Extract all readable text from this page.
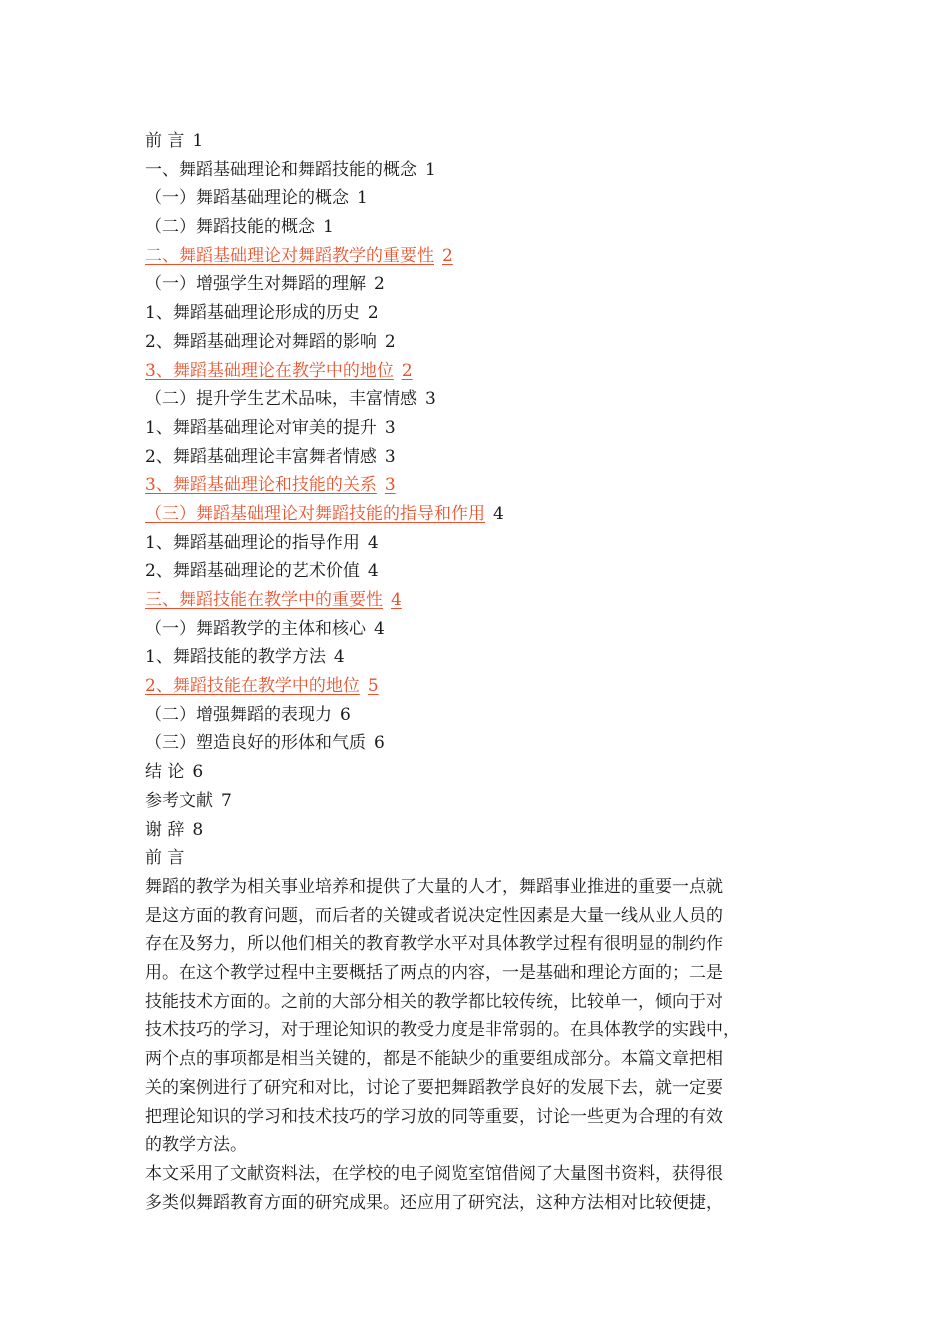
前 言 1
一、舞蹈基础理论和舞蹈技能的概念 1
（一）舞蹈基础理论的概念 1
（二）舞蹈技能的概念 1
二、舞蹈基础理论对舞蹈教学的重要性 2
（一）增强学生对舞蹈的理解 2
1、舞蹈基础理论形成的历史 2
2、舞蹈基础理论对舞蹈的影响 2
3、舞蹈基础理论在教学中的地位 2
（二）提升学生艺术品味，丰富情感 3
1、舞蹈基础理论对审美的提升 3
2、舞蹈基础理论丰富舞者情感 3
3、舞蹈基础理论和技能的关系 3
（三）舞蹈基础理论对舞蹈技能的指导和作用 4
1、舞蹈基础理论的指导作用 4
2、舞蹈基础理论的艺术价值 4
三、舞蹈技能在教学中的重要性 4
（一）舞蹈教学的主体和核心 4
1、舞蹈技能的教学方法 4
2、舞蹈技能在教学中的地位 5
（二）增强舞蹈的表现力 6
（三）塑造良好的形体和气质 6
结 论 6
参考文献 7
谢 辞 8
前 言

舞蹈的教学为相关事业培养和提供了大量的人才，舞蹈事业推进的重要一点就
是这方面的教育问题，而后者的关键或者说决定性因素是大量一线从业人员的
存在及努力，所以他们相关的教育教学水平对具体教学过程有很明显的制约作
用。在这个教学过程中主要概括了两点的内容，一是基础和理论方面的；二是
技能技术方面的。之前的大部分相关的教学都比较传统，比较单一，倾向于对
技术技巧的学习，对于理论知识的教受力度是非常弱的。在具体教学的实践中，
两个点的事项都是相当关键的，都是不能缺少的重要组成部分。本篇文章把相
关的案例进行了研究和对比，讨论了要把舞蹈教学良好的发展下去，就一定要
把理论知识的学习和技术技巧的学习放的同等重要，讨论一些更为合理的有效
的教学方法。

本文采用了文献资料法，在学校的电子阅览室馆借阅了大量图书资料，获得很
多类似舞蹈教育方面的研究成果。还应用了研究法，这种方法相对比较便捷，
